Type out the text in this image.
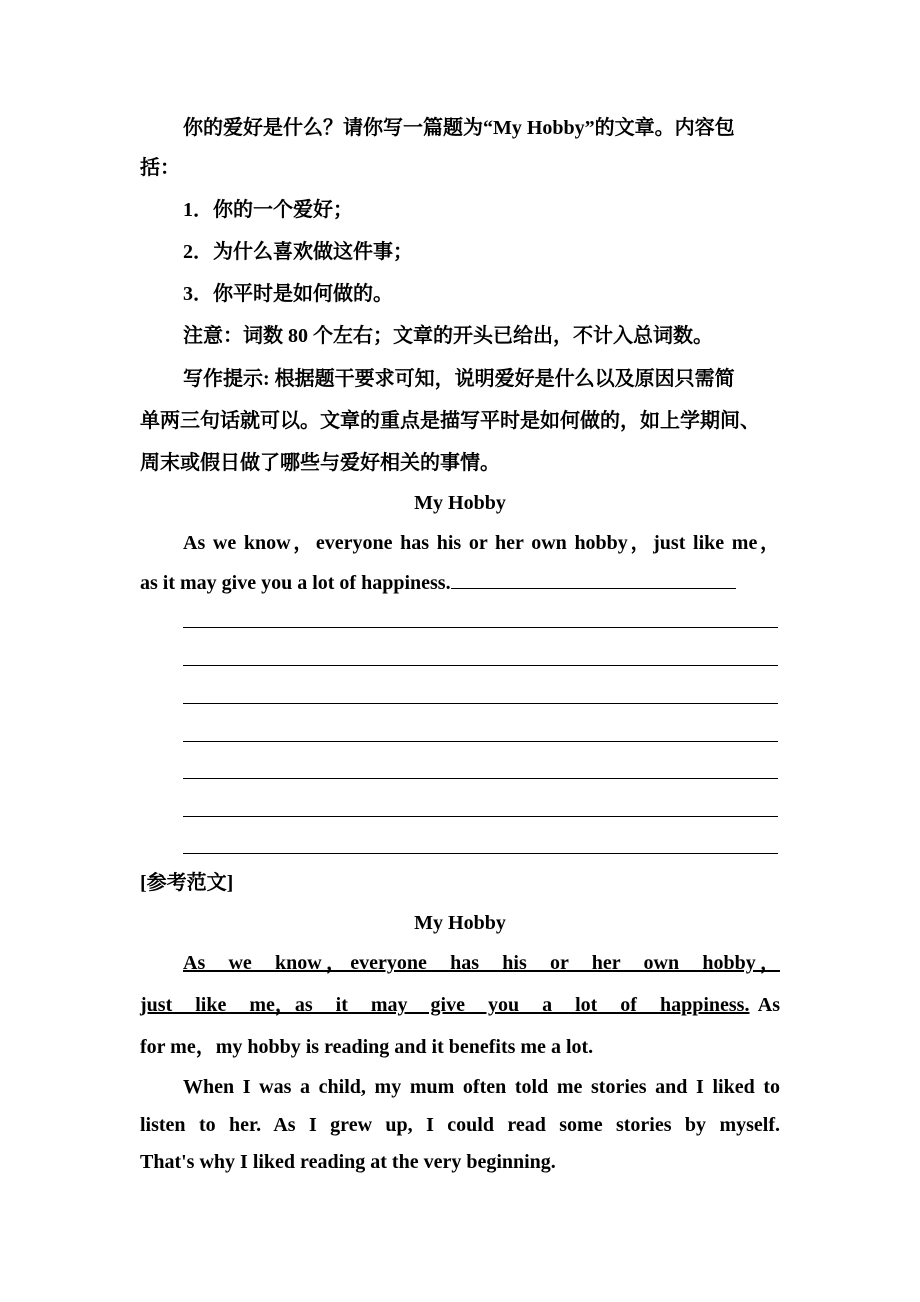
你的爱好是什么？请你写一篇题为“My Hobby”的文章。内容包
括：
1．你的一个爱好；
2．为什么喜欢做这件事；
3．你平时是如何做的。
注意：词数 80 个左右；文章的开头已给出，不计入总词数。
写作提示: 根据题干要求可知，说明爱好是什么以及原因只需简
单两三句话就可以。文章的重点是描写平时是如何做的，如上学期间、
周末或假日做了哪些与爱好相关的事情。
My Hobby
As we know，everyone has his or her own hobby，just like me，
as it may give you a lot of happiness.
[参考范文]
My Hobby
As we know，everyone has his or her own hobby，
just like me，as it may give you a lot of happiness. As
for me，my hobby is reading and it benefits me a lot.
When I was a child, my mum often told me stories and I liked to
listen to her. As I grew up, I could read some stories by myself.
That's why I liked reading at the very beginning.
